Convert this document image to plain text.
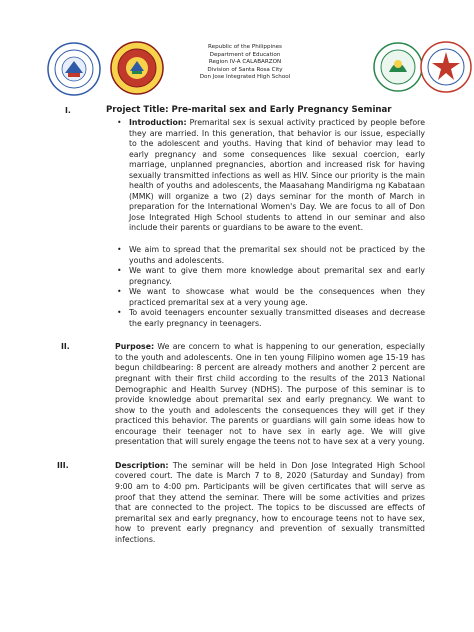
Republic of the Philippines
Department of Education
Region IV-A CALABARZON
Division of Santa Rosa City
Don Jose Integrated High School
I.	Project Title: Pre-marital sex and Early Pregnancy Seminar
• Introduction: Premarital sex is sexual activity practiced by people before they are married. In this generation, that behavior is our issue, especially to the adolescent and youths. Having that kind of behavior may lead to early pregnancy and some consequences like sexual coercion, early marriage, unplanned pregnancies, abortion and increased risk for having sexually transmitted infections as well as HIV. Since our priority is the main health of youths and adolescents, the Maasahang Mandirigma ng Kabataan (MMK) will organize a two (2) days seminar for the month of March in preparation for the International Women's Day. We are focus to all of Don Jose Integrated High School students to attend in our seminar and also include their parents or guardians to be aware to the event.
• We aim to spread that the premarital sex should not be practiced by the youths and adolescents.
• We want to give them more knowledge about premarital sex and early pregnancy.
• We want to showcase what would be the consequences when they practiced premarital sex at a very young age.
• To avoid teenagers encounter sexually transmitted diseases and decrease the early pregnancy in teenagers.
II.	Purpose: We are concern to what is happening to our generation, especially to the youth and adolescents. One in ten young Filipino women age 15-19 has begun childbearing: 8 percent are already mothers and another 2 percent are pregnant with their first child according to the results of the 2013 National Demographic and Health Survey (NDHS). The purpose of this seminar is to provide knowledge about premarital sex and early pregnancy. We want to show to the youth and adolescents the consequences they will get if they practiced this behavior. The parents or guardians will gain some ideas how to encourage their teenager not to have sex in early age. We will give presentation that will surely engage the teens not to have sex at a very young.
III.	Description: The seminar will be held in Don Jose Integrated High School covered court. The date is March 7 to 8, 2020 (Saturday and Sunday) from 9:00 am to 4:00 pm. Participants will be given certificates that will serve as proof that they attend the seminar. There will be some activities and prizes that are connected to the project. The topics to be discussed are effects of premarital sex and early pregnancy, how to encourage teens not to have sex, how to prevent early pregnancy and prevention of sexually transmitted infections.
